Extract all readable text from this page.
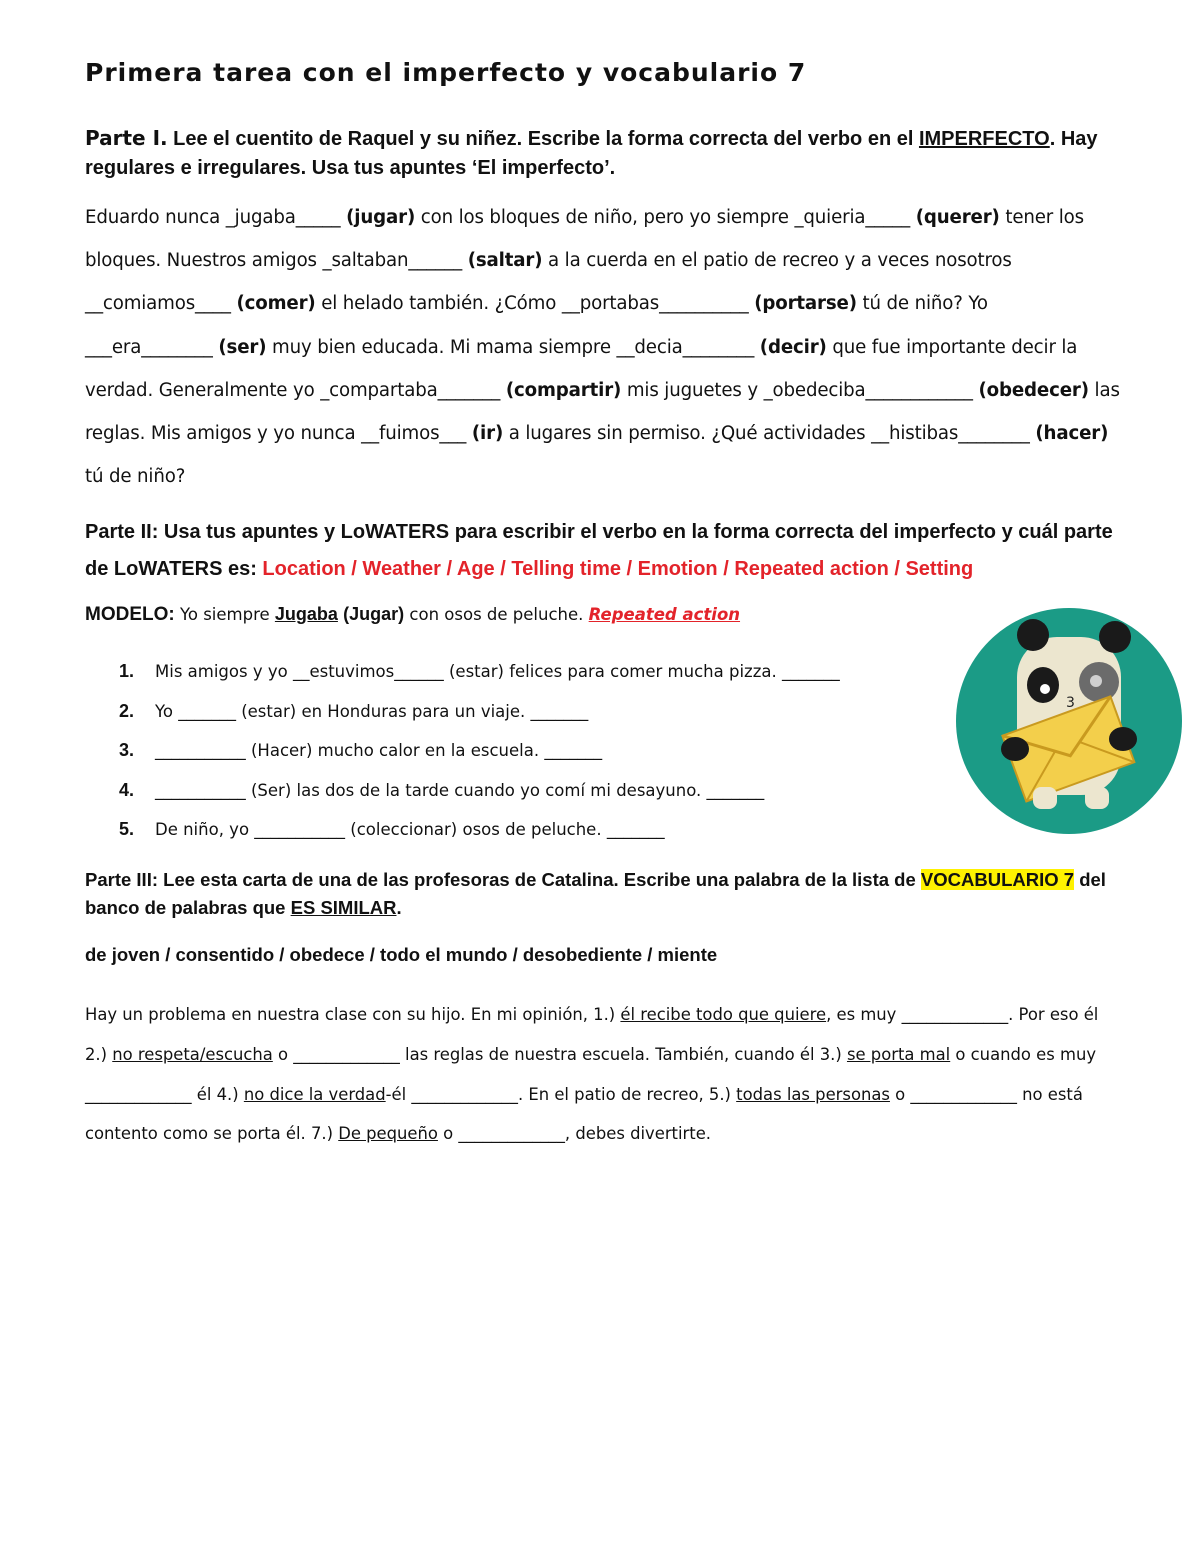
Primera tarea con el imperfecto y vocabulario 7
Parte I. Lee el cuentito de Raquel y su niñez. Escribe la forma correcta del verbo en el IMPERFECTO. Hay regulares e irregulares. Usa tus apuntes ‘El imperfecto’.
Eduardo nunca _jugaba_____ (jugar) con los bloques de niño, pero yo siempre _quieria_____ (querer) tener los bloques. Nuestros amigos _saltaban______ (saltar) a la cuerda en el patio de recreo y a veces nosotros __comiamos____ (comer) el helado también. ¿Cómo __portabas__________ (portarse) tú de niño? Yo ___era________ (ser) muy bien educada. Mi mama siempre __decia________ (decir) que fue importante decir la verdad. Generalmente yo _compartaba_______ (compartir) mis juguetes y _obedeciba____________ (obedecer) las reglas. Mis amigos y yo nunca __fuimos___ (ir) a lugares sin permiso. ¿Qué actividades __histibas________ (hacer) tú de niño?
Parte II: Usa tus apuntes y LoWATERS para escribir el verbo en la forma correcta del imperfecto y cuál parte de LoWATERS es: Location / Weather / Age / Telling time / Emotion / Repeated action / Setting
MODELO: Yo siempre Jugaba (Jugar) con osos de peluche. Repeated action
1.	Mis amigos y yo __estuvimos______ (estar) felices para comer mucha pizza. _______
2.	Yo _______ (estar) en Honduras para un viaje. _______
3.	___________ (Hacer) mucho calor en la escuela. _______
4.	___________ (Ser) las dos de la tarde cuando yo comí mi desayuno. _______
5.	De niño, yo ___________ (coleccionar) osos de peluche. _______
Parte III: Lee esta carta de una de las profesoras de Catalina. Escribe una palabra de la lista de VOCABULARIO 7 del banco de palabras que ES SIMILAR.
de joven / consentido / obedece / todo el mundo / desobediente / miente
Hay un problema en nuestra clase con su hijo. En mi opinión, 1.) él recibe todo que quiere, es muy _____________. Por eso él 2.) no respeta/escucha o _____________ las reglas de nuestra escuela. También, cuando él 3.) se porta mal o cuando es muy _____________ él 4.) no dice la verdad-él _____________. En el patio de recreo, 5.) todas las personas o _____________ no está contento como se porta él. 7.) De pequeño o _____________, debes divertirte.
3
